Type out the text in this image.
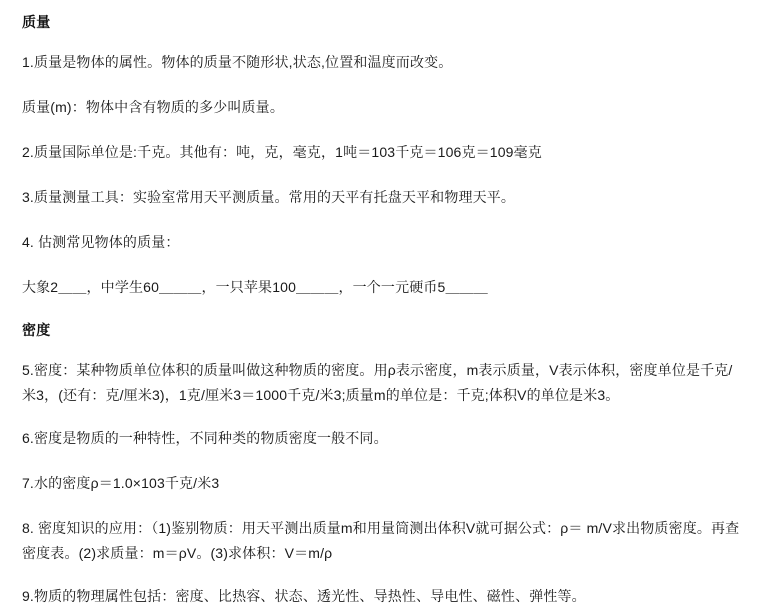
质量

1.质量是物体的属性。物体的质量不随形状,状态,位置和温度而改变。

质量(m)：物体中含有物质的多少叫质量。

2.质量国际单位是:千克。其他有：吨，克，毫克，1吨＝103千克＝106克＝109毫克

3.质量测量工具：实验室常用天平测质量。常用的天平有托盘天平和物理天平。

4. 估测常见物体的质量：

大象2＿＿，中学生60＿＿＿，一只苹果100＿＿＿，一个一元硬币5＿＿＿

密度

5.密度：某种物质单位体积的质量叫做这种物质的密度。用ρ表示密度，m表示质量，V表示体积，密度单位是千克/米3，(还有：克/厘米3)，1克/厘米3＝1000千克/米3;质量m的单位是：千克;体积V的单位是米3。

6.密度是物质的一种特性，不同种类的物质密度一般不同。

7.水的密度ρ＝1.0×103千克/米3

8. 密度知识的应用：（1)鉴别物质：用天平测出质量m和用量筒测出体积V就可据公式：ρ＝ m/V求出物质密度。再查密度表。(2)求质量：m＝ρV。(3)求体积：V＝m/ρ

9.物质的物理属性包括：密度、比热容、状态、透光性、导热性、导电性、磁性、弹性等。
